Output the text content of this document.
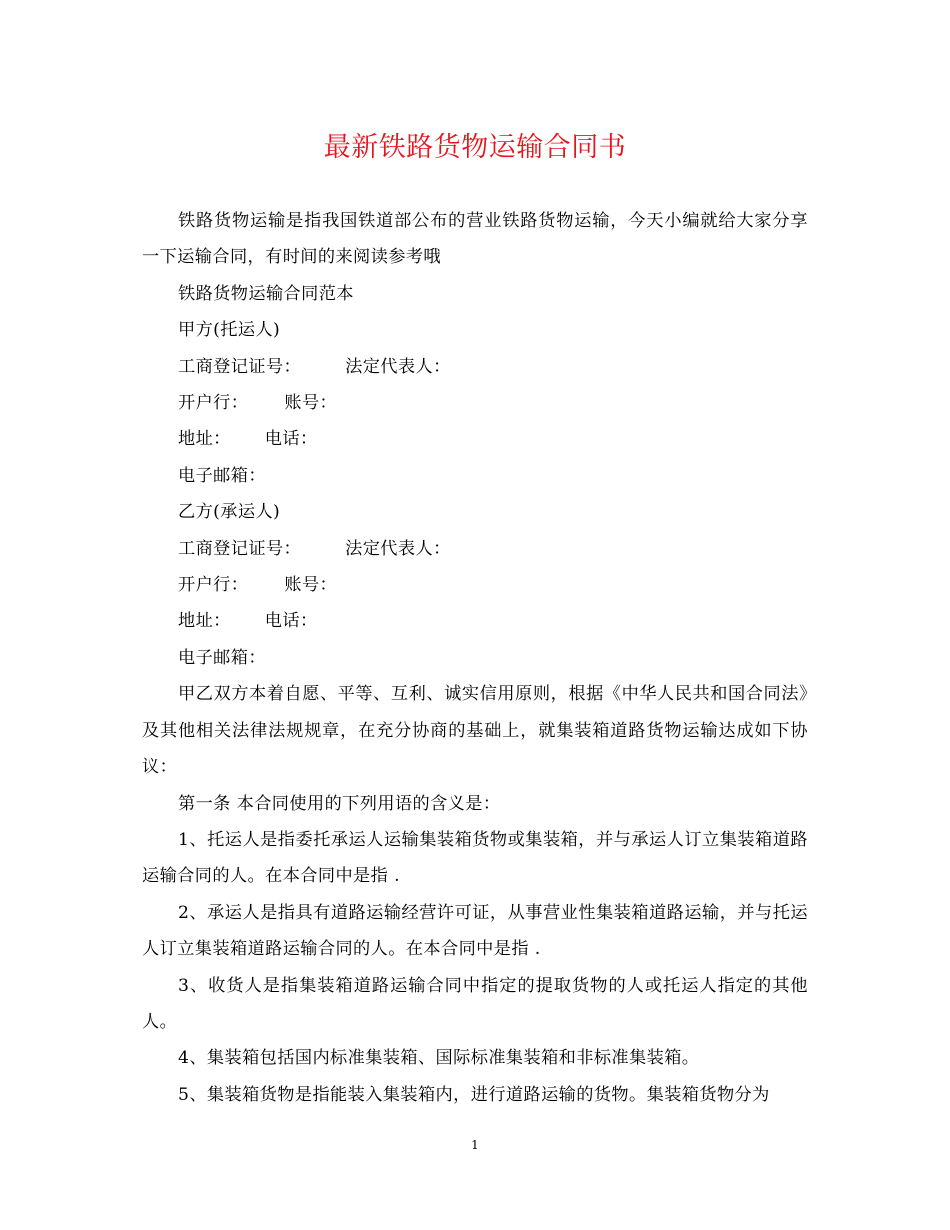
最新铁路货物运输合同书

铁路货物运输是指我国铁道部公布的营业铁路货物运输，今天小编就给大家分享一下运输合同，有时间的来阅读参考哦

铁路货物运输合同范本

甲方(托运人)

工商登记证号：	法定代表人：

开户行： 账号：

地址： 电话：

电子邮箱：

乙方(承运人)

工商登记证号：	法定代表人：

开户行： 账号：

地址： 电话：

电子邮箱：

甲乙双方本着自愿、平等、互利、诚实信用原则，根据《中华人民共和国合同法》及其他相关法律法规规章，在充分协商的基础上，就集装箱道路货物运输达成如下协议：

第一条 本合同使用的下列用语的含义是：

1、托运人是指委托承运人运输集装箱货物或集装箱，并与承运人订立集装箱道路运输合同的人。在本合同中是指 .

2、承运人是指具有道路运输经营许可证，从事营业性集装箱道路运输，并与托运人订立集装箱道路运输合同的人。在本合同中是指 .

3、收货人是指集装箱道路运输合同中指定的提取货物的人或托运人指定的其他人。

4、集装箱包括国内标准集装箱、国际标准集装箱和非标准集装箱。

5、集装箱货物是指能装入集装箱内，进行道路运输的货物。集装箱货物分为

1
